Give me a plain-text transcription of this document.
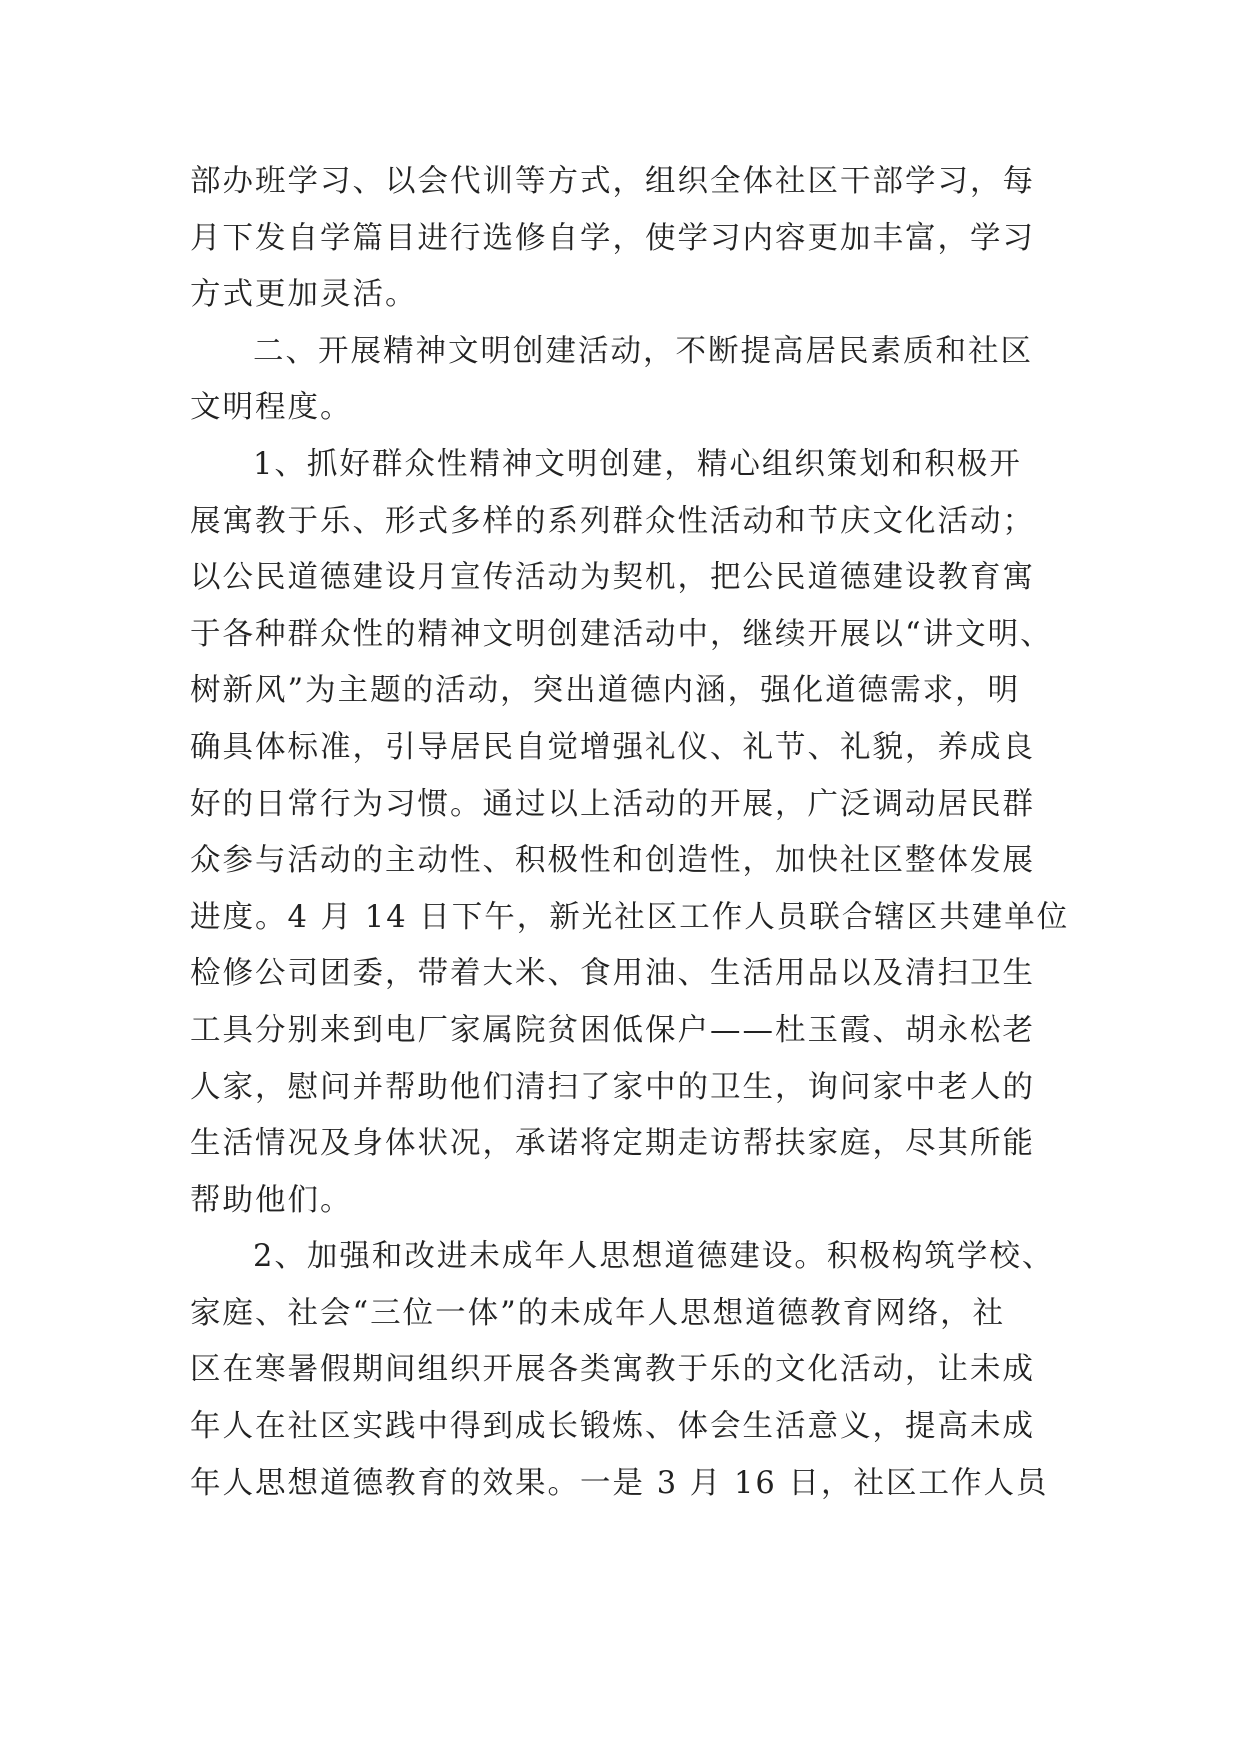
部办班学习、以会代训等方式，组织全体社区干部学习，每
月下发自学篇目进行选修自学，使学习内容更加丰富，学习
方式更加灵活。
二、开展精神文明创建活动，不断提高居民素质和社区
文明程度。
1、抓好群众性精神文明创建，精心组织策划和积极开
展寓教于乐、形式多样的系列群众性活动和节庆文化活动；
以公民道德建设月宣传活动为契机，把公民道德建设教育寓
于各种群众性的精神文明创建活动中，继续开展以“讲文明、
树新风”为主题的活动，突出道德内涵，强化道德需求，明
确具体标准，引导居民自觉增强礼仪、礼节、礼貌，养成良
好的日常行为习惯。通过以上活动的开展，广泛调动居民群
众参与活动的主动性、积极性和创造性，加快社区整体发展
进度。4 月 14 日下午，新光社区工作人员联合辖区共建单位
检修公司团委，带着大米、食用油、生活用品以及清扫卫生
工具分别来到电厂家属院贫困低保户——杜玉霞、胡永松老
人家，慰问并帮助他们清扫了家中的卫生，询问家中老人的
生活情况及身体状况，承诺将定期走访帮扶家庭，尽其所能
帮助他们。
2、加强和改进未成年人思想道德建设。积极构筑学校、
家庭、社会“三位一体”的未成年人思想道德教育网络，社
区在寒暑假期间组织开展各类寓教于乐的文化活动，让未成
年人在社区实践中得到成长锻炼、体会生活意义，提高未成
年人思想道德教育的效果。一是 3 月 16 日，社区工作人员
